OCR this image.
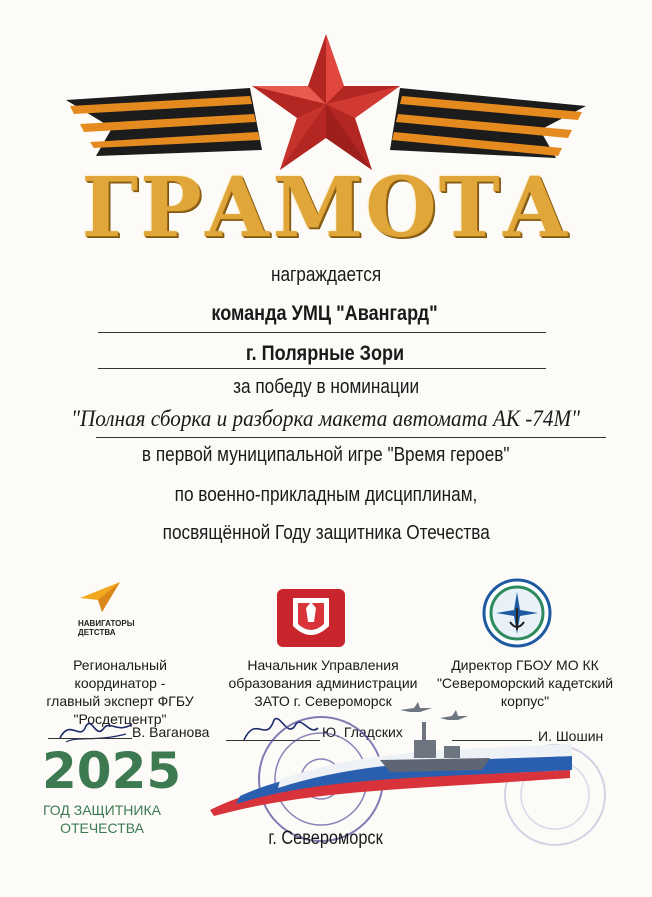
ГРАМОТА
награждается
команда УМЦ "Авангард"
г. Полярные Зори
за победу в номинации
"Полная сборка и разборка макета автомата АК -74М"
в первой муниципальной игре "Время героев"
по военно-прикладным дисциплинам,
посвящённой Году защитника Отечества
НАВИГАТОРЫ ДЕТСТВА
Региональный координатор -
главный эксперт ФГБУ
"Росдетцентр"
В. Ваганова
Начальник Управления
образования администрации
ЗАТО г. Североморск
Ю. Гладских
Директор ГБОУ МО КК
"Североморский кадетский
корпус"
И. Шошин
2025
ГОД ЗАЩИТНИКА
ОТЕЧЕСТВА	г. Североморск
